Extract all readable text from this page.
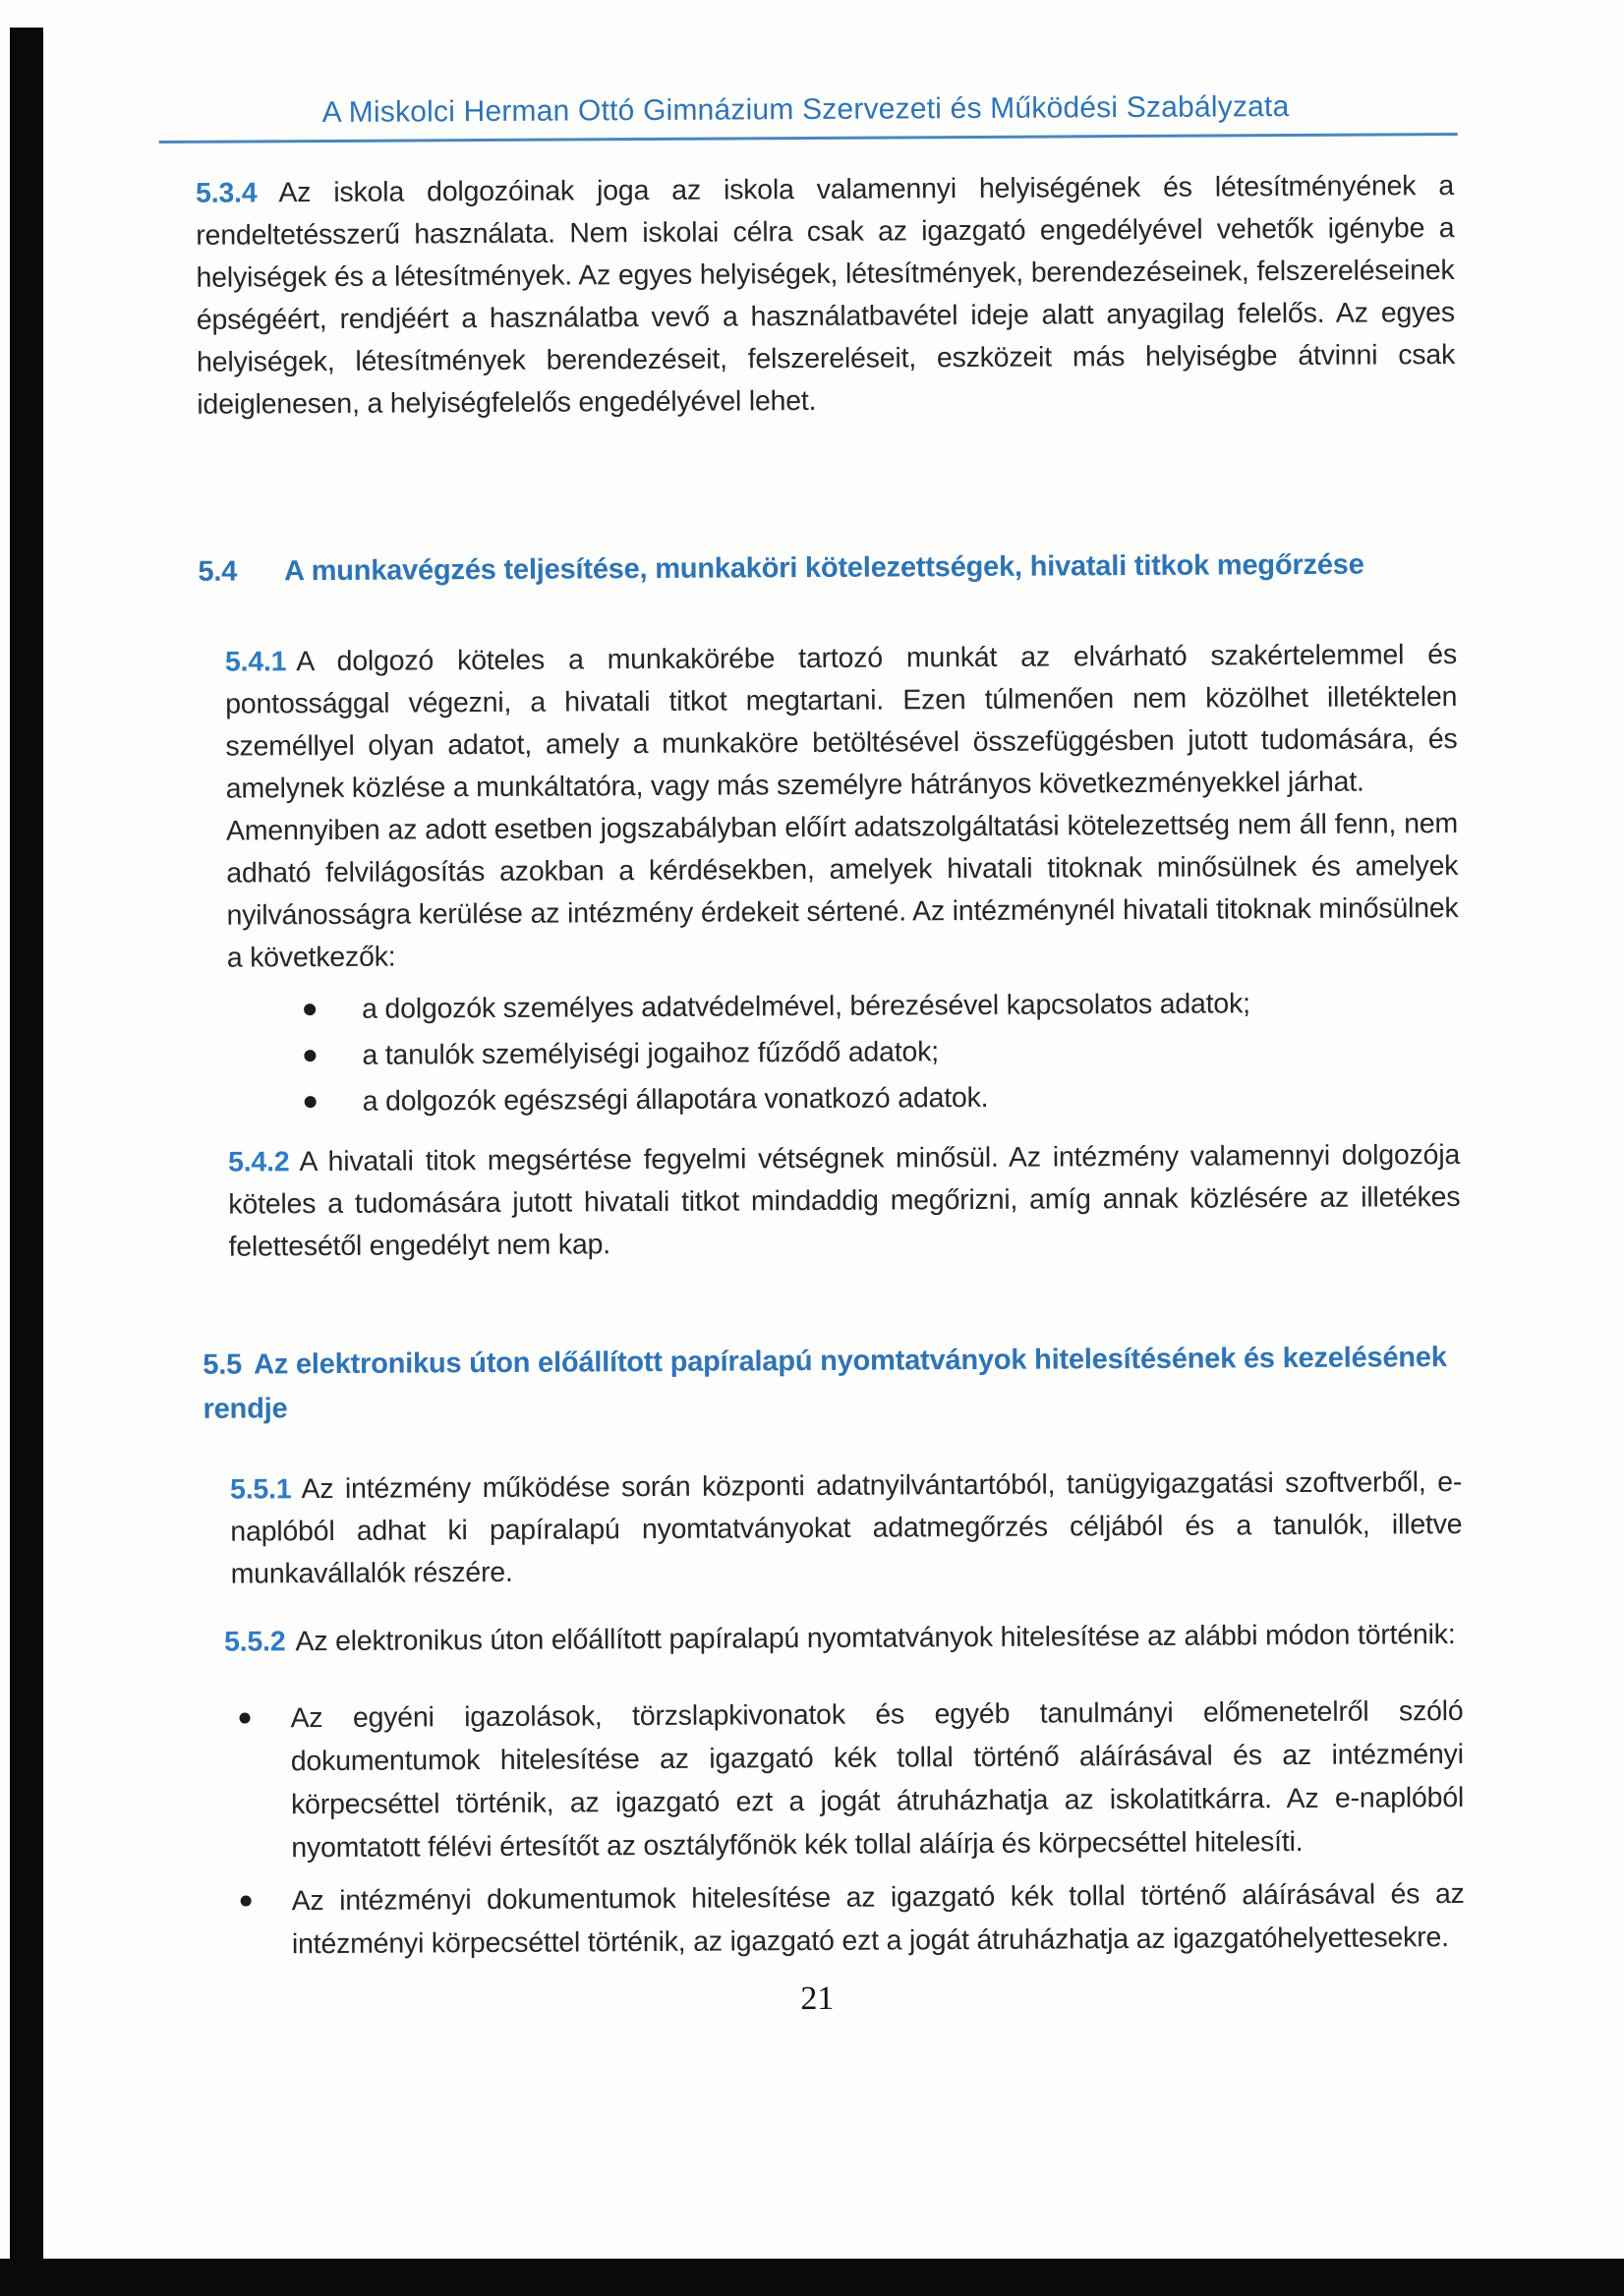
A Miskolci Herman Ottó Gimnázium Szervezeti és Működési Szabályzata

5.3.4 Az iskola dolgozóinak joga az iskola valamennyi helyiségének és létesítményének a rendeltetésszerű használata. Nem iskolai célra csak az igazgató engedélyével vehetők igénybe a helyiségek és a létesítmények. Az egyes helyiségek, létesítmények, berendezéseinek, felszereléseinek épségéért, rendjéért a használatba vevő a használatbavétel ideje alatt anyagilag felelős. Az egyes helyiségek, létesítmények berendezéseit, felszereléseit, eszközeit más helyiségbe átvinni csak ideiglenesen, a helyiségfelelős engedélyével lehet.

5.4 A munkavégzés teljesítése, munkaköri kötelezettségek, hivatali titkok megőrzése

5.4.1 A dolgozó köteles a munkakörébe tartozó munkát az elvárható szakértelemmel és pontossággal végezni, a hivatali titkot megtartani. Ezen túlmenően nem közölhet illetéktelen személlyel olyan adatot, amely a munkaköre betöltésével összefüggésben jutott tudomására, és amelynek közlése a munkáltatóra, vagy más személyre hátrányos következményekkel járhat.

Amennyiben az adott esetben jogszabályban előírt adatszolgáltatási kötelezettség nem áll fenn, nem adható felvilágosítás azokban a kérdésekben, amelyek hivatali titoknak minősülnek és amelyek nyilvánosságra kerülése az intézmény érdekeit sértené. Az intézménynél hivatali titoknak minősülnek a következők:

a dolgozók személyes adatvédelmével, bérezésével kapcsolatos adatok;
a tanulók személyiségi jogaihoz fűződő adatok;
a dolgozók egészségi állapotára vonatkozó adatok.

5.4.2 A hivatali titok megsértése fegyelmi vétségnek minősül. Az intézmény valamennyi dolgozója köteles a tudomására jutott hivatali titkot mindaddig megőrizni, amíg annak közlésére az illetékes felettesétől engedélyt nem kap.

5.5 Az elektronikus úton előállított papíralapú nyomtatványok hitelesítésének és kezelésének rendje

5.5.1 Az intézmény működése során központi adatnyilvántartóból, tanügyigazgatási szoftverből, e-naplóból adhat ki papíralapú nyomtatványokat adatmegőrzés céljából és a tanulók, illetve munkavállalók részére.

5.5.2 Az elektronikus úton előállított papíralapú nyomtatványok hitelesítése az alábbi módon történik:

Az egyéni igazolások, törzslapkivonatok és egyéb tanulmányi előmenetelről szóló dokumentumok hitelesítése az igazgató kék tollal történő aláírásával és az intézményi körpecséttel történik, az igazgató ezt a jogát átruházhatja az iskolatitkárra. Az e-naplóból nyomtatott félévi értesítőt az osztályfőnök kék tollal aláírja és körpecséttel hitelesíti.
Az intézményi dokumentumok hitelesítése az igazgató kék tollal történő aláírásával és az intézményi körpecséttel történik, az igazgató ezt a jogát átruházhatja az igazgatóhelyettesekre.
21
